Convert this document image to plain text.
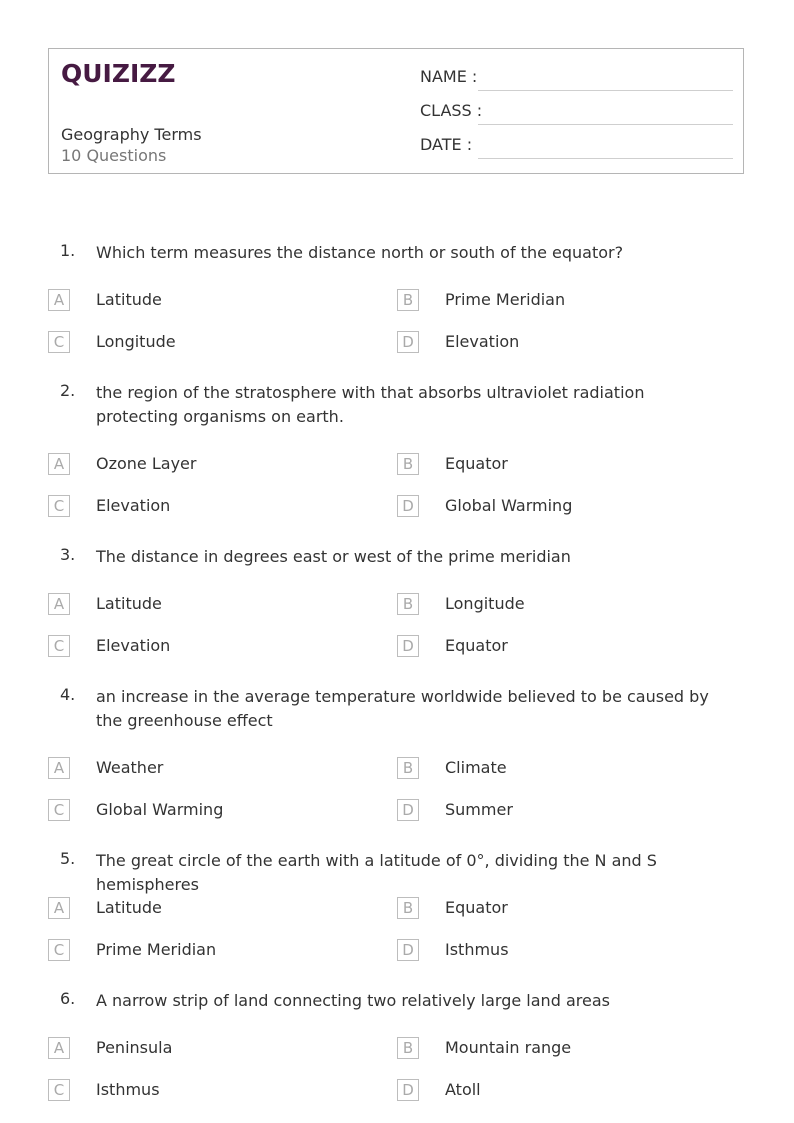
QUIZIZZ
Geography Terms
10 Questions
NAME :
CLASS :
DATE :
1. Which term measures the distance north or south of the equator?
A	Latitude	B	Prime Meridian
C	Longitude	D	Elevation
2. the region of the stratosphere with that absorbs ultraviolet radiation protecting organisms on earth.
A	Ozone Layer	B	Equator
C	Elevation	D	Global Warming
3. The distance in degrees east or west of the prime meridian
A	Latitude	B	Longitude
C	Elevation	D	Equator
4. an increase in the average temperature worldwide believed to be caused by the greenhouse effect
A	Weather	B	Climate
C	Global Warming	D	Summer
5. The great circle of the earth with a latitude of 0°, dividing the N and S hemispheres
A	Latitude	B	Equator
C	Prime Meridian	D	Isthmus
6. A narrow strip of land connecting two relatively large land areas
A	Peninsula	B	Mountain range
C	Isthmus	D	Atoll
